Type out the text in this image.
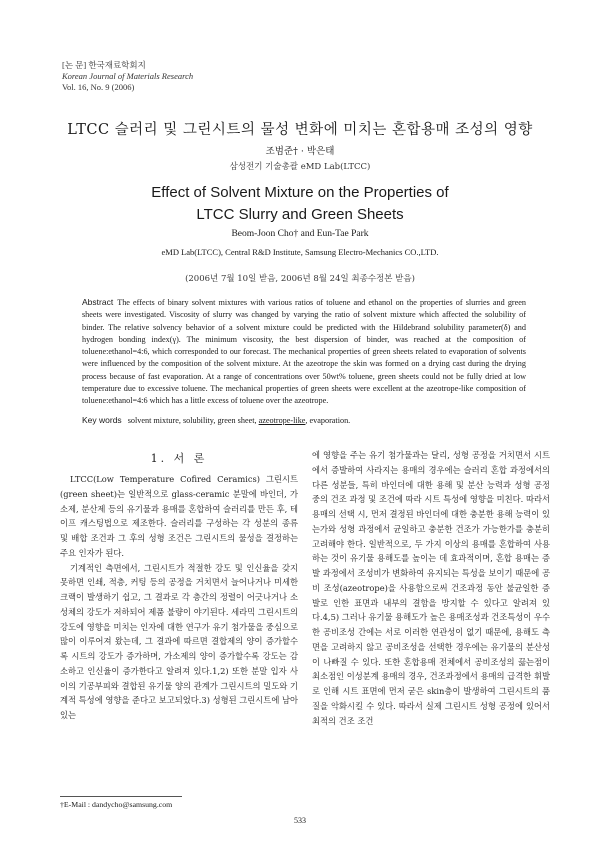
[논 문] 한국재료학회지
Korean Journal of Materials Research
Vol. 16, No. 9 (2006)
LTCC 슬러리 및 그린시트의 물성 변화에 미치는 혼합용매 조성의 영향
조범준† · 박은태
삼성전기 기술총괄 eMD Lab(LTCC)
Effect of Solvent Mixture on the Properties of
LTCC Slurry and Green Sheets
Beom-Joon Cho† and Eun-Tae Park
eMD Lab(LTCC), Central R&D Institute, Samsung Electro-Mechanics CO.,LTD.
(2006년 7월 10일 받음, 2006년 8월 24일 최종수정본 받음)
Abstract The effects of binary solvent mixtures with various ratios of toluene and ethanol on the properties of slurries and green sheets were investigated. Viscosity of slurry was changed by varying the ratio of solvent mixture which affected the solubility of binder. The relative solvency behavior of a solvent mixture could be predicted with the Hildebrand solubility parameter(δ) and hydrogen bonding index(γ). The minimum viscosity, the best dispersion of binder, was reached at the composition of toluene:ethanol=4:6, which corresponded to our forecast. The mechanical properties of green sheets related to evaporation of solvents were influenced by the composition of the solvent mixture. At the azeotrope the skin was formed on a drying cast during the drying process because of fast evaporation. At a range of concentrations over 50wt% toluene, green sheets could not be fully dried at low temperature due to excessive toluene. The mechanical properties of green sheets were excellent at the azeotrope-like composition of toluene:ethanol=4:6 which has a little excess of toluene over the azeotrope.
Key words solvent mixture, solubility, green sheet, azeotrope-like, evaporation.
1. 서 론

LTCC(Low Temperature Cofired Ceramics) 그린시트(green sheet)는 일반적으로 glass-ceramic 분말에 바인더, 가소제, 분산제 등의 유기물과 용매를 혼합하여 슬러리를 만든 후, 테이프 캐스팅법으로 제조한다. 슬러리를 구성하는 각 성분의 종류 및 배합 조건과 그 후의 성형 조건은 그린시트의 물성을 결정하는 주요 인자가 된다.

기계적인 측면에서, 그린시트가 적절한 강도 및 인신율을 갖지 못하면 인쇄, 적층, 커팅 등의 공정을 거치면서 늘어나거나 미세한 크랙이 발생하기 쉽고, 그 결과로 각 층간의 정렬이 어긋나거나 소성체의 강도가 저하되어 제품 불량이 야기된다. 세라믹 그린시트의 강도에 영향을 미치는 인자에 대한 연구가 유기 첨가물을 중심으로 많이 이루어져 왔는데, 그 결과에 따르면 결합제의 양이 증가할수록 시트의 강도가 증가하며, 가소제의 양이 증가할수록 강도는 감소하고 인신율이 증가한다고 알려져 있다.1,2) 또한 분말 입자 사이의 기공부피와 결합된 유기물 양의 관계가 그린시트의 밀도와 기계적 특성에 영향을 준다고 보고되었다.3) 성형된 그린시트에 남아 있는

에 영향을 주는 유기 첨가물과는 달리, 성형 공정을 거치면서 시트에서 증발하여 사라지는 용매의 경우에는 슬러리 혼합 과정에서의 다른 성분들, 특히 바인더에 대한 용해 및 분산 능력과 성형 공정 중의 건조 과정 및 조건에 따라 시트 특성에 영향을 미친다. 따라서 용매의 선택 시, 먼저 결정된 바인더에 대한 충분한 용해 능력이 있는가와 성형 과정에서 균일하고 충분한 건조가 가능한가를 충분히 고려해야 한다. 일반적으로, 두 가지 이상의 용매를 혼합하여 사용하는 것이 유기물 용해도를 높이는 데 효과적이며, 혼합 용매는 증발 과정에서 조성비가 변화하여 유지되는 특성을 보이기 때문에 공비 조성(azeotrope)을 사용함으로써 건조과정 동안 불균일한 증발로 인한 표면과 내부의 결함을 방지할 수 있다고 알려져 있다.4,5) 그러나 유기물 용해도가 높은 용매조성과 건조특성이 우수한 공비조성 간에는 서로 이러한 연관성이 없기 때문에, 용해도 측면을 고려하지 않고 공비조성을 선택한 경우에는 유기물의 분산성이 나빠질 수 있다. 또한 혼합용매 전체에서 공비조성의 끓는점이 최소점인 이성분계 용매의 경우, 건조과정에서 용매의 급격한 휘발로 인해 시트 표면에 먼저 굳은 skin층이 발생하여 그린시트의 품질을 악화시킬 수 있다. 따라서 실제 그린시트 성형 공정에 있어서 최적의 건조 조건

†E-Mail : dandycho@samsung.com
533
